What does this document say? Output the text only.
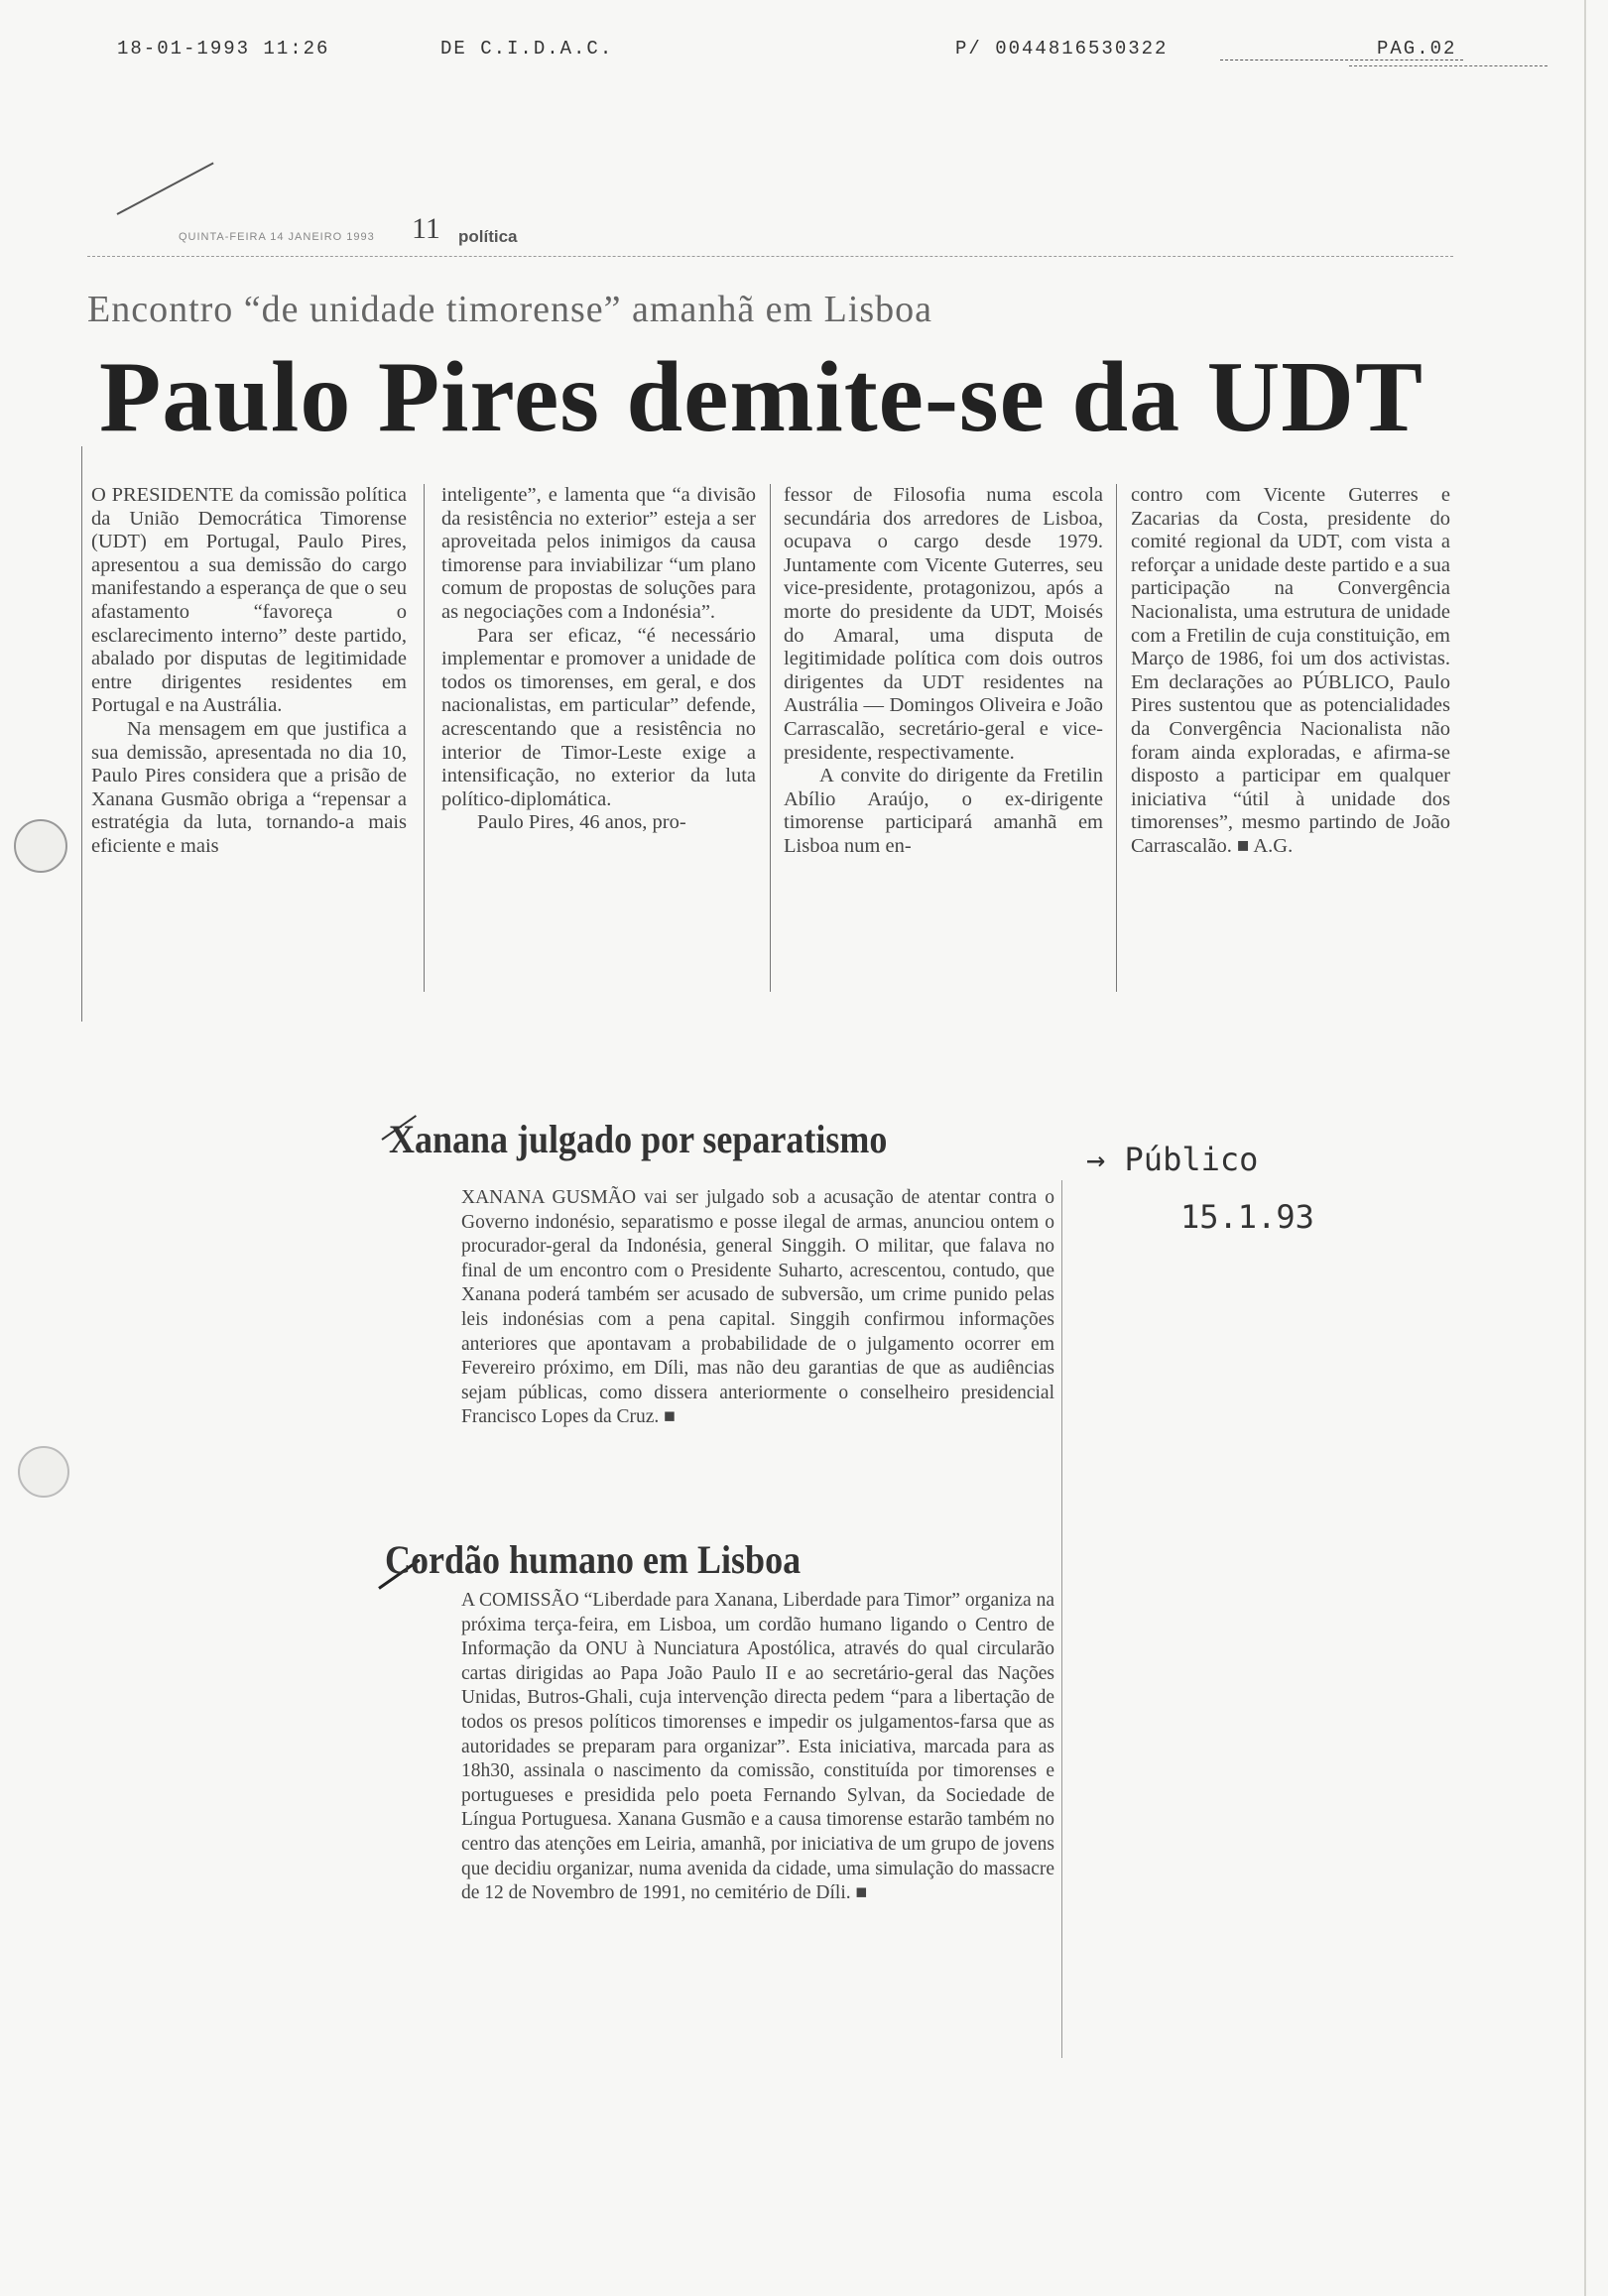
18-01-1993 11:26	DE C.I.D.A.C.	P/ 0044816530322	PAG.02
QUINTA-FEIRA 14 JANEIRO 1993 11 política
Encontro “de unidade timorense” amanhã em Lisboa
Paulo Pires demite-se da UDT

O PRESIDENTE da comissão política da União Democrática Timorense (UDT) em Portugal, Paulo Pires, apresentou a sua demissão do cargo manifestando a esperança de que o seu afastamento “favoreça o esclarecimento interno” deste partido, abalado por disputas de legitimidade entre dirigentes residentes em Portugal e na Austrália.

Na mensagem em que justifica a sua demissão, apresentada no dia 10, Paulo Pires considera que a prisão de Xanana Gusmão obriga a “repensar a estratégia da luta, tornando-a mais eficiente e mais

inteligente”, e lamenta que “a divisão da resistência no exterior” esteja a ser aproveitada pelos inimigos da causa timorense para inviabilizar “um plano comum de propostas de soluções para as negociações com a Indonésia”.

Para ser eficaz, “é necessário implementar e promover a unidade de todos os timorenses, em geral, e dos nacionalistas, em particular” defende, acrescentando que a resistência no interior de Timor-Leste exige a intensificação, no exterior da luta político-diplomática.

Paulo Pires, 46 anos, pro-

fessor de Filosofia numa escola secundária dos arredores de Lisboa, ocupava o cargo desde 1979. Juntamente com Vicente Guterres, seu vice-presidente, protagonizou, após a morte do presidente da UDT, Moisés do Amaral, uma disputa de legitimidade política com dois outros dirigentes da UDT residentes na Austrália — Domingos Oliveira e João Carrascalão, secretário-geral e vice-presidente, respectivamente.

A convite do dirigente da Fretilin Abílio Araújo, o ex-dirigente timorense participará amanhã em Lisboa num en-

contro com Vicente Guterres e Zacarias da Costa, presidente do comité regional da UDT, com vista a reforçar a unidade deste partido e a sua participação na Convergência Nacionalista, uma estrutura de unidade com a Fretilin de cuja constituição, em Março de 1986, foi um dos activistas. Em declarações ao PÚBLICO, Paulo Pires sustentou que as potencialidades da Convergência Nacionalista não foram ainda exploradas, e afirma-se disposto a participar em qualquer iniciativa “útil à unidade dos timorenses”, mesmo partindo de João Carrascalão. ■ A.G.

Xanana julgado por separatismo
XANANA GUSMÃO vai ser julgado sob a acusação de atentar contra o Governo indonésio, separatismo e posse ilegal de armas, anunciou ontem o procurador-geral da Indonésia, general Singgih. O militar, que falava no final de um encontro com o Presidente Suharto, acrescentou, contudo, que Xanana poderá também ser acusado de subversão, um crime punido pelas leis indonésias com a pena capital. Singgih confirmou informações anteriores que apontavam a probabilidade de o julgamento ocorrer em Fevereiro próximo, em Díli, mas não deu garantias de que as audiências sejam públicas, como dissera anteriormente o conselheiro presidencial Francisco Lopes da Cruz. ■
Cordão humano em Lisboa
A COMISSÃO “Liberdade para Xanana, Liberdade para Timor” organiza na próxima terça-feira, em Lisboa, um cordão humano ligando o Centro de Informação da ONU à Nunciatura Apostólica, através do qual circularão cartas dirigidas ao Papa João Paulo II e ao secretário-geral das Nações Unidas, Butros-Ghali, cuja intervenção directa pedem “para a libertação de todos os presos políticos timorenses e impedir os julgamentos-farsa que as autoridades se preparam para organizar”. Esta iniciativa, marcada para as 18h30, assinala o nascimento da comissão, constituída por timorenses e portugueses e presidida pelo poeta Fernando Sylvan, da Sociedade de Língua Portuguesa. Xanana Gusmão e a causa timorense estarão também no centro das atenções em Leiria, amanhã, por iniciativa de um grupo de jovens que decidiu organizar, numa avenida da cidade, uma simulação do massacre de 12 de Novembro de 1991, no cemitério de Díli. ■
→ Público
15.1.93
